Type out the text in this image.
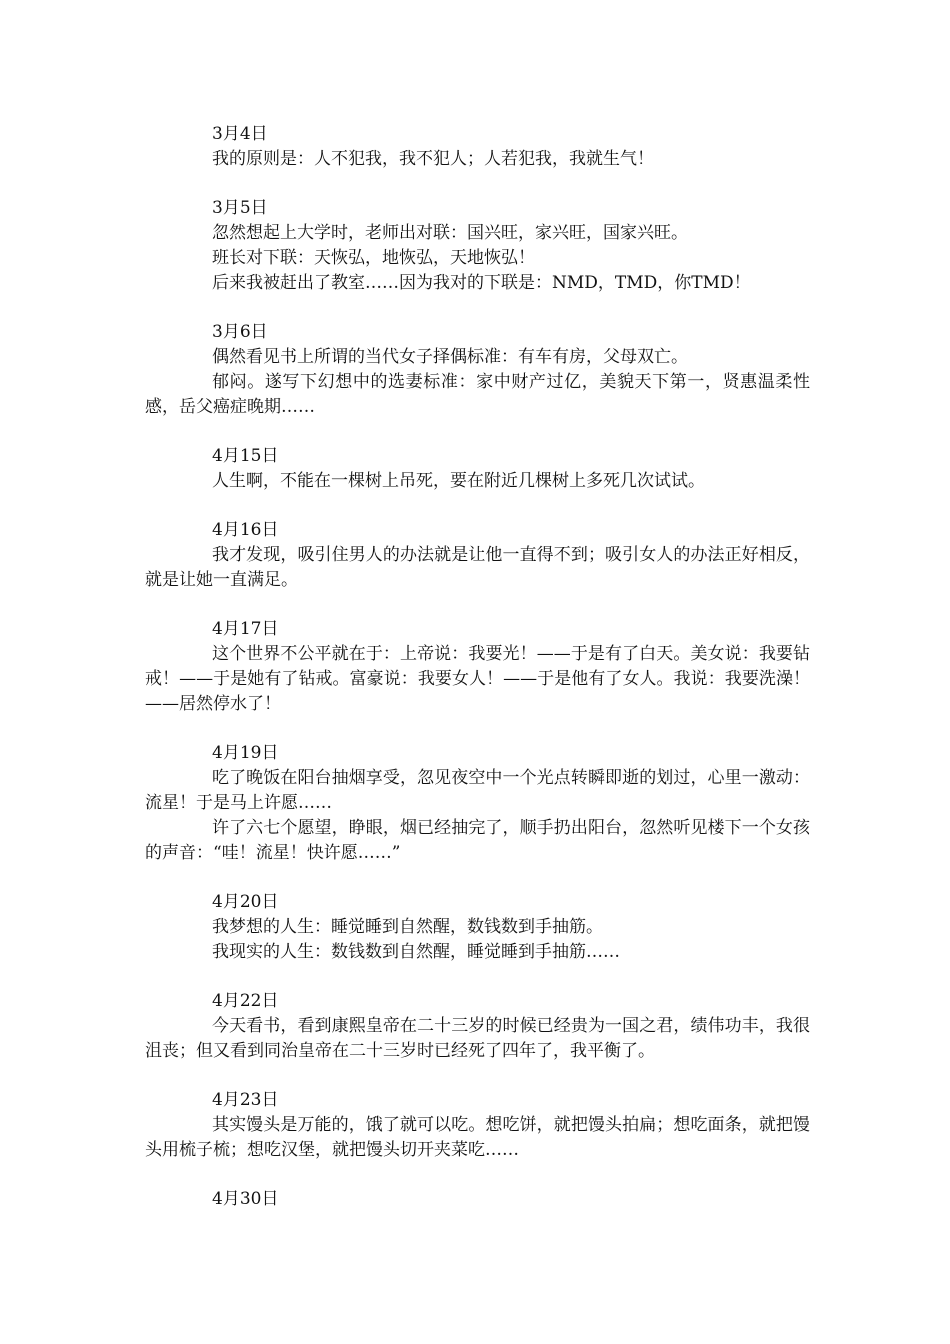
3月4日

我的原则是：人不犯我，我不犯人；人若犯我，我就生气！

3月5日

忽然想起上大学时，老师出对联：国兴旺，家兴旺，国家兴旺。

班长对下联：天恢弘，地恢弘，天地恢弘！

后来我被赶出了教室……因为我对的下联是：NMD，TMD，你TMD！

3月6日

偶然看见书上所谓的当代女子择偶标准：有车有房，父母双亡。

郁闷。遂写下幻想中的选妻标准：家中财产过亿，美貌天下第一，贤惠温柔性感，岳父癌症晚期……

4月15日

人生啊，不能在一棵树上吊死，要在附近几棵树上多死几次试试。

4月16日

我才发现，吸引住男人的办法就是让他一直得不到；吸引女人的办法正好相反，就是让她一直满足。

4月17日

这个世界不公平就在于：上帝说：我要光！——于是有了白天。美女说：我要钻戒！——于是她有了钻戒。富豪说：我要女人！——于是他有了女人。我说：我要洗澡！——居然停水了！

4月19日

吃了晚饭在阳台抽烟享受，忽见夜空中一个光点转瞬即逝的划过，心里一激动：流星！于是马上许愿……

许了六七个愿望，睁眼，烟已经抽完了，顺手扔出阳台，忽然听见楼下一个女孩的声音：“哇！流星！快许愿……”

4月20日

我梦想的人生：睡觉睡到自然醒，数钱数到手抽筋。

我现实的人生：数钱数到自然醒，睡觉睡到手抽筋……

4月22日

今天看书，看到康熙皇帝在二十三岁的时候已经贵为一国之君，绩伟功丰，我很沮丧；但又看到同治皇帝在二十三岁时已经死了四年了，我平衡了。

4月23日

其实馒头是万能的，饿了就可以吃。想吃饼，就把馒头拍扁；想吃面条，就把馒头用梳子梳；想吃汉堡，就把馒头切开夹菜吃……

4月30日
